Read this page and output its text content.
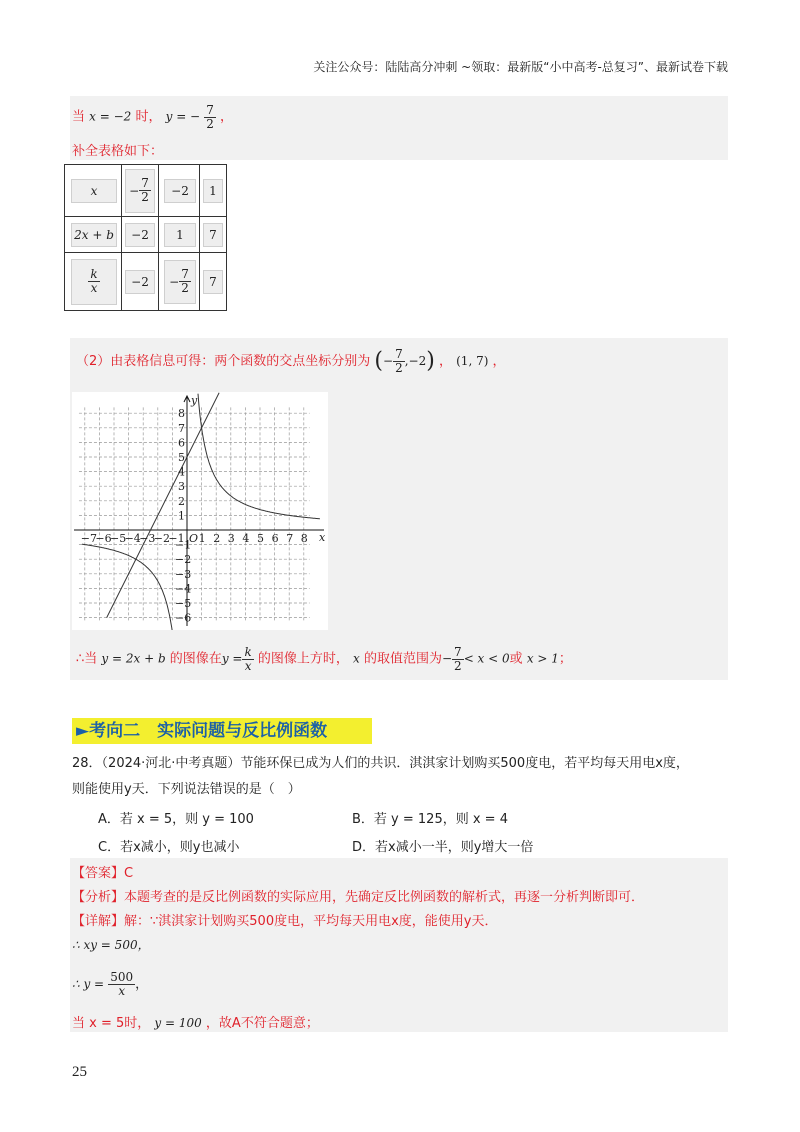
关注公众号：陆陆高分冲刺 ~领取：最新版“小中高考-总复习”、最新试卷下载
当 x = −2 时， y = − $\frac{7}{2}$ ，
补全表格如下：
x	− $\frac{7}{2}$	−2	1
2x + b	−2	1	7

$\frac{k}{x}$	−2	− $\frac{7}{2}$	7
（2）由表格信息可得：两个函数的交点坐标分别为 (− $\frac{7}{2} ,-2$) ， (1, 7) ，
−7
−6
−5
−4
−3
−2
−1 1 2 3 4 5 6 7 8
1
2
3
4
5
6
7
8
−1
−2
−3
−4
−5
−6
O	x
y
∴当 y = 2x + b 的图像在$y = \frac{k}{x}$ 的图像上方时， x 的取值范围为− $\frac{7}{2} < x < 0$或 x > 1；
►考向二　实际问题与反比例函数
28．（2024·河北·中考真题）节能环保已成为人们的共识．淇淇家计划购买500度电，若平均每天用电x度，
则能使用y天．下列说法错误的是（　）
A．若 x = 5，则 y = 100	B．若 y = 125，则 x = 4
C．若x减小，则y也减小	D．若x减小一半，则y增大一倍
【答案】C
【分析】本题考查的是反比例函数的实际应用，先确定反比例函数的解析式，再逐一分析判断即可．
【详解】解：∵淇淇家计划购买500度电，平均每天用电x度，能使用y天．
∴ xy = 500，
∴ $y = \frac{500}{x}$ ，
当 x = 5时， y = 100 ，故A不符合题意；
25
